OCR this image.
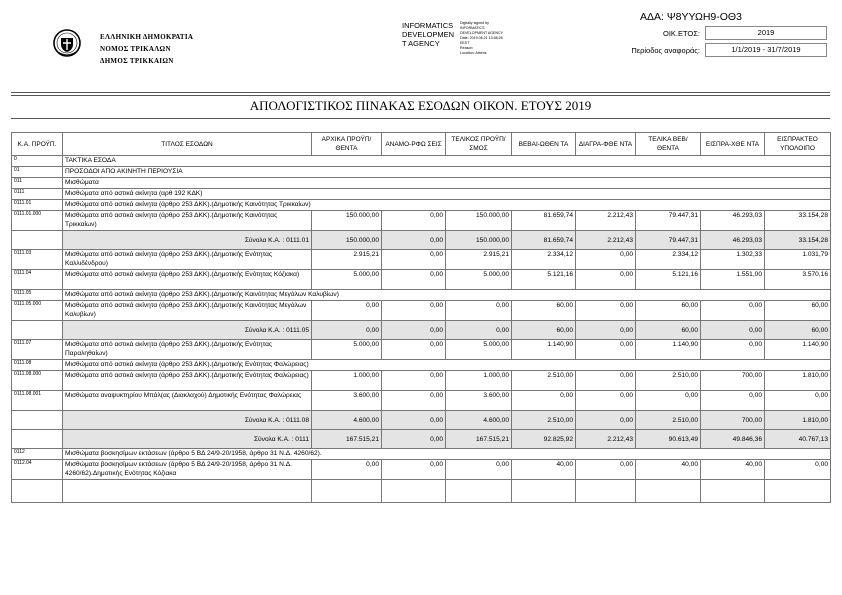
ΕΛΛΗΝΙΚΗ ΔΗΜΟΚΡΑΤΙΑ
ΝΟΜΟΣ ΤΡΙΚΑΛΩΝ
ΔΗΜΟΣ ΤΡΙΚΚΑΙΩΝ
INFORMATICS
DEVELOPMEN
T AGENCY
Digitally signed by
INFORMATICS
DEVELOPMENT AGENCY
Date: 2019.08.21 13:58:28
EEST
Reason:
Location: Athens
ΑΔΑ: Ψ8ΥΥΩΗ9-ΟΘ3
ΟΙΚ.ΕΤΟΣ:	2019
Περίοδος αναφοράς:	1/1/2019 - 31/7/2019
ΑΠΟΛΟΓΙΣΤΙΚΟΣ ΠΙΝΑΚΑΣ ΕΣΟΔΩΝ ΟΙΚΟΝ. ΕΤΟΥΣ 2019
Κ.Α. ΠΡΟΫΠ.	ΤΙΤΛΟΣ ΕΣΟΔΩΝ	ΑΡΧΙΚΑ ΠΡΟΫΠ/ΘΕΝΤΑ	ΑΝΑΜΟ-ΡΦΩ ΣΕΙΣ	ΤΕΛΙΚΟΣ ΠΡΟΫΠ/ΣΜΟΣ	ΒΕΒΑΙ-ΩΘΕΝ ΤΑ	ΔΙΑΓΡΑ-ΦΘΕ ΝΤΑ	ΤΕΛΙΚΑ ΒΕΒ/ΘΕΝΤΑ	ΕΙΣΠΡΑ-ΧΘΕ ΝΤΑ	ΕΙΣΠΡΑΚΤΕΟ ΥΠΟΛΟΙΠΟ
0	ΤΑΚΤΙΚΑ ΕΣΟΔΑ								
01	ΠΡΟΣΟΔΟΙ ΑΠΟ ΑΚΙΝΗΤΗ ΠΕΡΙΟΥΣΙΑ								
011	Μισθώματα								
0111	Μισθώματα από αστικά ακίνητα (αρθ 192 ΚΔΚ)								
0111.01	Μισθώματα από αστικά ακίνητα (άρθρο 253 ΔΚΚ).(Δημοτικής Καινότητας Τρικκαίων)								
0111.01.000	Μισθώματα από αστικά ακίνητα (άρθρο 253 ΔΚΚ).(Δημοτικής Καινότητας Τρικκαίων)	150.000,00	0,00	150.000,00	81.659,74	2.212,43	79.447,31	46.293,03	33.154,28
	Σύνολα Κ.Α. : 0111.01	150.000,00	0,00	150.000,00	81.659,74	2.212,43	79.447,31	46.293,03	33.154,28
0111.03	Μισθώματα από αστικά ακίνητα (άρθρο 253 ΔΚΚ).(Δημοτικής Ενότητας Καλλιδένδρου)	2.915,21	0,00	2.915,21	2.334,12	0,00	2.334,12	1.302,33	1.031,79
0111.04	Μισθώματα από αστικά ακίνητα (άρθρο 253 ΔΚΚ).(Δημοτικής Ενότητας Κόζιακα)	5.000,00	0,00	5.000,00	5.121,16	0,00	5.121,16	1.551,00	3.570,16
0111.05	Μισθώματα από αστικά ακίνητα (άρθρο 253 ΔΚΚ).(Δημοτικής Καινότητας Μεγάλων Καλυβίων)								
0111.05.000	Μισθώματα από αστικά ακίνητα (άρθρο 253 ΔΚΚ).(Δημοτικής Καινότητας Μεγάλων Καλυβίων)	0,00	0,00	0,00	60,00	0,00	60,00	0,00	60,00
	Σύνολα Κ.Α. : 0111.05	0,00	0,00	0,00	60,00	0,00	60,00	0,00	60,00
0111.07	Μισθώματα από αστικά ακίνητα (άρθρο 253 ΔΚΚ).(Δημοτικής Ενότητας Παραληθαίων)	5.000,00	0,00	5.000,00	1.140,90	0,00	1.140,90	0,00	1.140,90
0111.08	Μισθώματα από αστικά ακίνητα (άρθρο 253 ΔΚΚ).(Δημοτικής Ενότητας Φαλώρειας)								
0111.08.000	Μισθώματα από αστικά ακίνητα (άρθρο 253 ΔΚΚ).(Δημοτικής Ενότητας Φαλώρειας)	1.000,00	0,00	1.000,00	2.510,00	0,00	2.510,00	700,00	1.810,00
0111.08.001	Μισθώματα αναψυκτηρίου Μπάλ(ας (Διακλαχού) Δημοτικής Ενότητας Φαλώρειας	3.600,00	0,00	3.600,00	0,00	0,00	0,00	0,00	0,00
	Σύνολα Κ.Α. : 0111.08	4.600,00	0,00	4.600,00	2.510,00	0,00	2.510,00	700,00	1.810,00
	Σύνολα Κ.Α. : 0111	167.515,21	0,00	167.515,21	92.825,92	2.212,43	90.613,49	49.846,36	40.767,13
0112	Μισθώματα βοσκησίμων εκτάσεων (άρθρο 5 ΒΔ 24/9-20/1958, άρθρο 31 Ν.Δ. 4260/62).								
0112.04	Μισθώματα βοσκησίμων εκτάσεων (άρθρο 5 ΒΔ 24/9-20/1958, άρθρο 31 Ν.Δ. 4260/62).Δημοτικής Ενότητας Κόζιακα	0,00	0,00	0,00	40,00	0,00	40,00	40,00	0,00
